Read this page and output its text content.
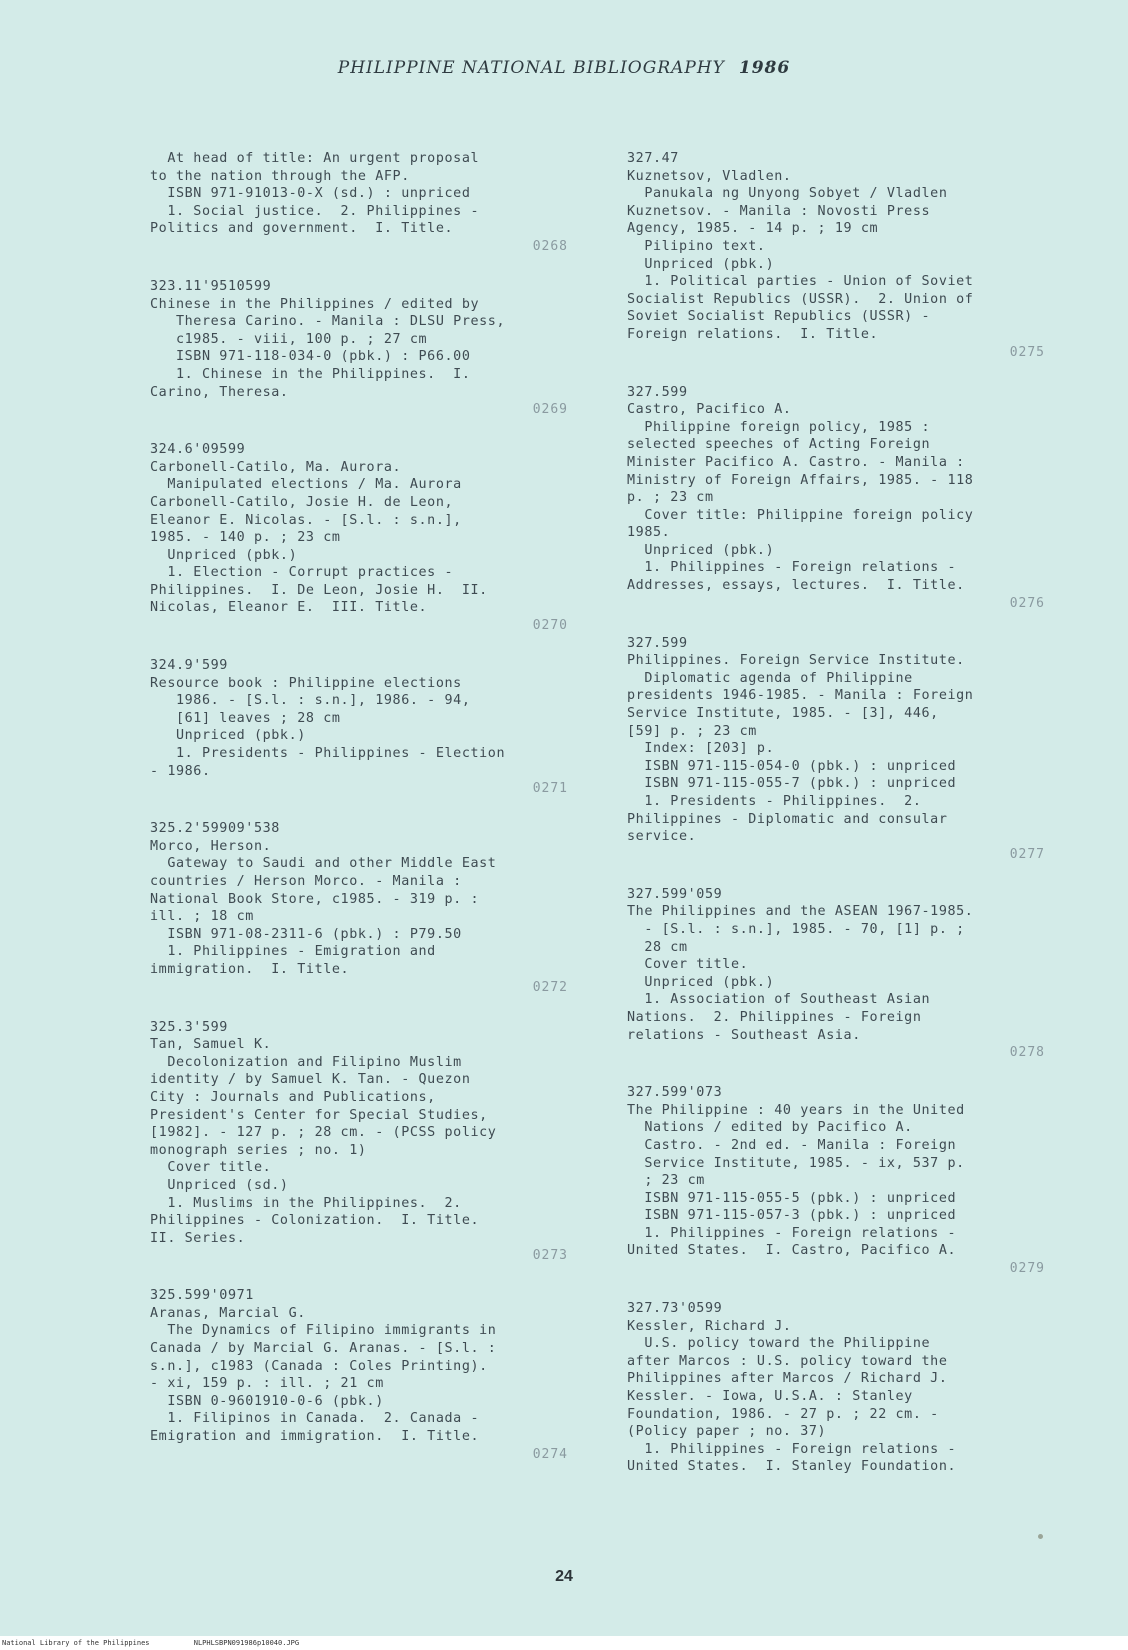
PHILIPPINE NATIONAL BIBLIOGRAPHY 1986
At head of title: An urgent proposal
to the nation through the AFP.
ISBN 971-91013-0-X (sd.) : unpriced
1. Social justice.  2. Philippines -
Politics and government.  I. Title.
0268
323.11'9510599
Chinese in the Philippines / edited by
Theresa Carino. - Manila : DLSU Press,
c1985. - viii, 100 p. ; 27 cm
ISBN 971-118-034-0 (pbk.) : P66.00
1. Chinese in the Philippines.  I.
Carino, Theresa.
0269
324.6'09599
Carbonell-Catilo, Ma. Aurora.
Manipulated elections / Ma. Aurora
Carbonell-Catilo, Josie H. de Leon,
Eleanor E. Nicolas. - [S.l. : s.n.],
1985. - 140 p. ; 23 cm
Unpriced (pbk.)
1. Election - Corrupt practices -
Philippines.  I. De Leon, Josie H.  II.
Nicolas, Eleanor E.  III. Title.
0270
324.9'599
Resource book : Philippine elections
1986. - [S.l. : s.n.], 1986. - 94,
[61] leaves ; 28 cm
Unpriced (pbk.)
1. Presidents - Philippines - Election
- 1986.
0271
325.2'59909'538
Morco, Herson.
Gateway to Saudi and other Middle East
countries / Herson Morco. - Manila :
National Book Store, c1985. - 319 p. :
ill. ; 18 cm
ISBN 971-08-2311-6 (pbk.) : P79.50
1. Philippines - Emigration and
immigration.  I. Title.
0272
325.3'599
Tan, Samuel K.
Decolonization and Filipino Muslim
identity / by Samuel K. Tan. - Quezon
City : Journals and Publications,
President's Center for Special Studies,
[1982]. - 127 p. ; 28 cm. - (PCSS policy
monograph series ; no. 1)
Cover title.
Unpriced (sd.)
1. Muslims in the Philippines.  2.
Philippines - Colonization.  I. Title.
II. Series.
0273
325.599'0971
Aranas, Marcial G.
The Dynamics of Filipino immigrants in
Canada / by Marcial G. Aranas. - [S.l. :
s.n.], c1983 (Canada : Coles Printing).
- xi, 159 p. : ill. ; 21 cm
ISBN 0-9601910-0-6 (pbk.)
1. Filipinos in Canada.  2. Canada -
Emigration and immigration.  I. Title.
0274
327.47
Kuznetsov, Vladlen.
Panukala ng Unyong Sobyet / Vladlen
Kuznetsov. - Manila : Novosti Press
Agency, 1985. - 14 p. ; 19 cm
Pilipino text.
Unpriced (pbk.)
1. Political parties - Union of Soviet
Socialist Republics (USSR).  2. Union of
Soviet Socialist Republics (USSR) -
Foreign relations.  I. Title.
0275
327.599
Castro, Pacifico A.
Philippine foreign policy, 1985 :
selected speeches of Acting Foreign
Minister Pacifico A. Castro. - Manila :
Ministry of Foreign Affairs, 1985. - 118
p. ; 23 cm
Cover title: Philippine foreign policy
1985.
Unpriced (pbk.)
1. Philippines - Foreign relations -
Addresses, essays, lectures.  I. Title.
0276
327.599
Philippines. Foreign Service Institute.
Diplomatic agenda of Philippine
presidents 1946-1985. - Manila : Foreign
Service Institute, 1985. - [3], 446,
[59] p. ; 23 cm
Index: [203] p.
ISBN 971-115-054-0 (pbk.) : unpriced
ISBN 971-115-055-7 (pbk.) : unpriced
1. Presidents - Philippines.  2.
Philippines - Diplomatic and consular
service.
0277
327.599'059
The Philippines and the ASEAN 1967-1985.
- [S.l. : s.n.], 1985. - 70, [1] p. ;
28 cm
Cover title.
Unpriced (pbk.)
1. Association of Southeast Asian
Nations.  2. Philippines - Foreign
relations - Southeast Asia.
0278
327.599'073
The Philippine : 40 years in the United
Nations / edited by Pacifico A.
Castro. - 2nd ed. - Manila : Foreign
Service Institute, 1985. - ix, 537 p.
; 23 cm
ISBN 971-115-055-5 (pbk.) : unpriced
ISBN 971-115-057-3 (pbk.) : unpriced
1. Philippines - Foreign relations -
United States.  I. Castro, Pacifico A.
0279
327.73'0599
Kessler, Richard J.
U.S. policy toward the Philippine
after Marcos : U.S. policy toward the
Philippines after Marcos / Richard J.
Kessler. - Iowa, U.S.A. : Stanley
Foundation, 1986. - 27 p. ; 22 cm. -
(Policy paper ; no. 37)
1. Philippines - Foreign relations -
United States.  I. Stanley Foundation.
24
National Library of the Philippines	NLPHLSBPN091986p10040.JPG
